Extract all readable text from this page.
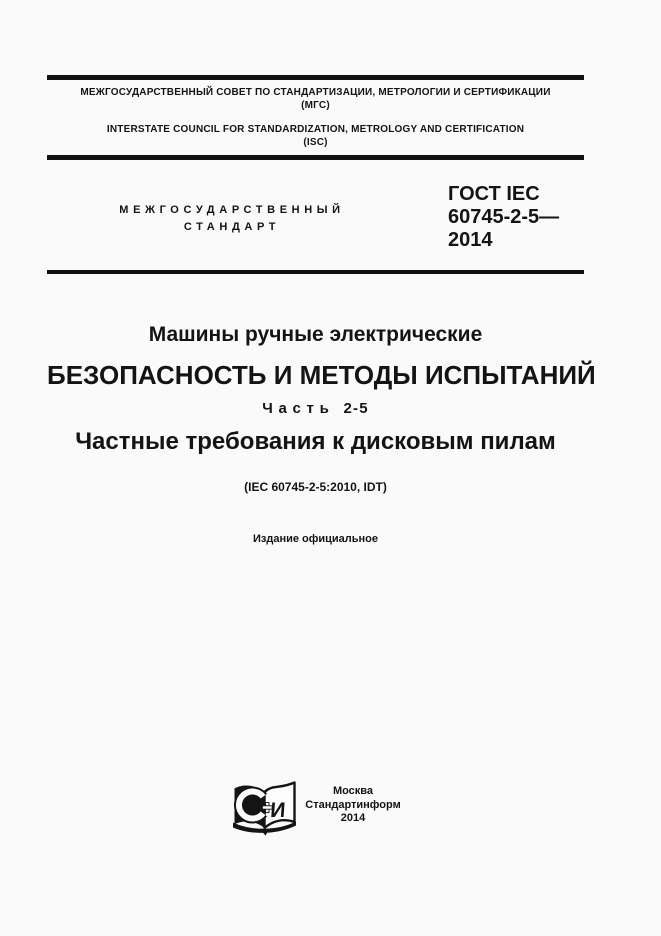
МЕЖГОСУДАРСТВЕННЫЙ СОВЕТ ПО СТАНДАРТИЗАЦИИ, МЕТРОЛОГИИ И СЕРТИФИКАЦИИ
(МГС)
INTERSTATE COUNCIL FOR STANDARDIZATION, METROLOGY AND CERTIFICATION
(ISC)
МЕЖГОСУДАРСТВЕННЫЙ
СТАНДАРТ
ГОСТ IEC
60745-2-5—
2014
Машины ручные электрические
БЕЗОПАСНОСТЬ И МЕТОДЫ ИСПЫТАНИЙ
Часть 2-5
Частные требования к дисковым пилам
(IEC 60745-2-5:2010, IDT)
Издание официальное
И
Москва
Стандартинформ
2014
